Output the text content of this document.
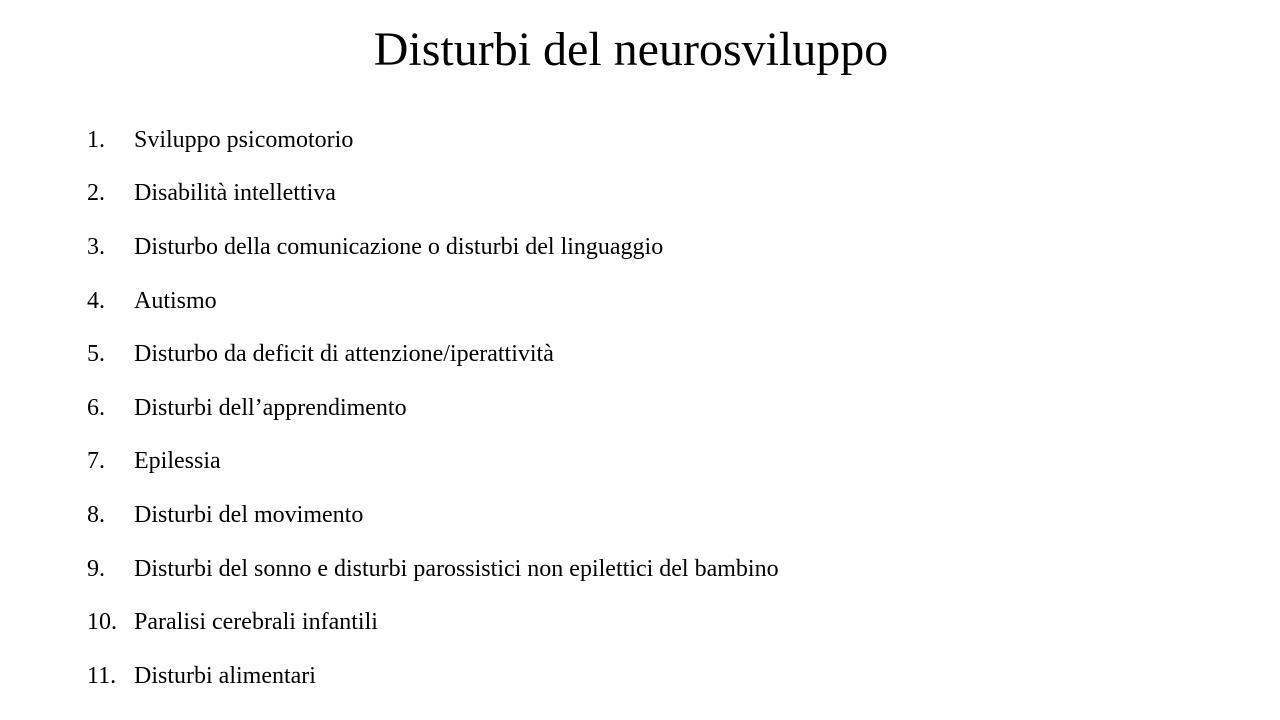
Disturbi del neurosviluppo
1.	Sviluppo psicomotorio
2.	Disabilità intellettiva
3.	Disturbo della comunicazione o disturbi del linguaggio
4.	Autismo
5.	Disturbo da deficit di attenzione/iperattività
6.	Disturbi dell’apprendimento
7.	Epilessia
8.	Disturbi del movimento
9.	Disturbi del sonno e disturbi parossistici non epilettici del bambino
10. Paralisi cerebrali infantili
11. Disturbi alimentari
